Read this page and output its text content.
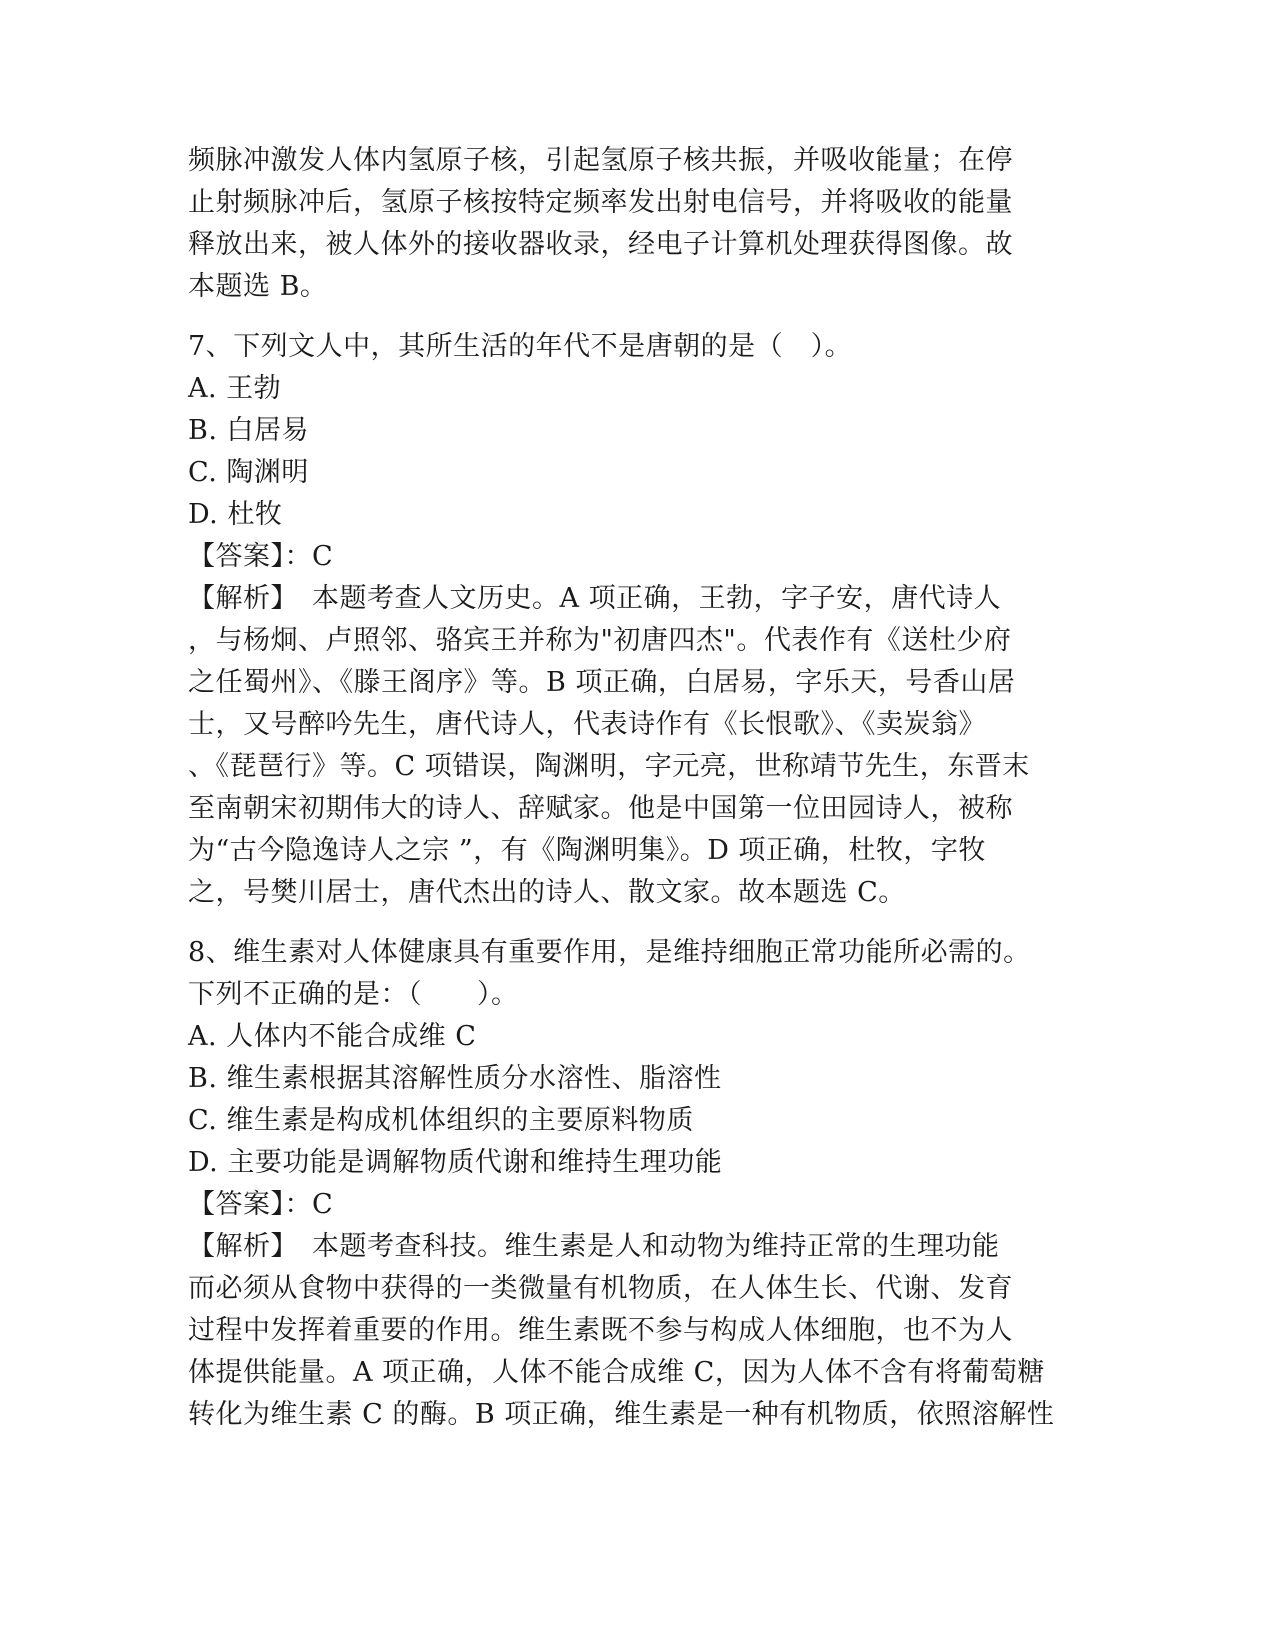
频脉冲激发人体内氢原子核，引起氢原子核共振，并吸收能量；在停
止射频脉冲后，氢原子核按特定频率发出射电信号，并将吸收的能量
释放出来，被人体外的接收器收录，经电子计算机处理获得图像。故
本题选 B。
7、下列文人中，其所生活的年代不是唐朝的是（　）。
A. 王勃
B. 白居易
C. 陶渊明
D. 杜牧
【答案】：C
【解析】　本题考查人文历史。A 项正确，王勃，字子安，唐代诗人
，与杨炯、卢照邻、骆宾王并称为"初唐四杰"。代表作有《送杜少府
之任蜀州》、《滕王阁序》等。B 项正确，白居易，字乐天，号香山居
士，又号醉吟先生，唐代诗人，代表诗作有《长恨歌》、《卖炭翁》
、《琵琶行》等。C 项错误，陶渊明，字元亮，世称靖节先生，东晋末
至南朝宋初期伟大的诗人、辞赋家。他是中国第一位田园诗人，被称
为“古今隐逸诗人之宗 ”，有《陶渊明集》。D 项正确，杜牧，字牧
之，号樊川居士，唐代杰出的诗人、散文家。故本题选 C。
8、维生素对人体健康具有重要作用，是维持细胞正常功能所必需的。
下列不正确的是：（　　）。
A. 人体内不能合成维 C
B. 维生素根据其溶解性质分水溶性、脂溶性
C. 维生素是构成机体组织的主要原料物质
D. 主要功能是调解物质代谢和维持生理功能
【答案】：C
【解析】　本题考查科技。维生素是人和动物为维持正常的生理功能
而必须从食物中获得的一类微量有机物质，在人体生长、代谢、发育
过程中发挥着重要的作用。维生素既不参与构成人体细胞，也不为人
体提供能量。A 项正确，人体不能合成维 C，因为人体不含有将葡萄糖
转化为维生素 C 的酶。B 项正确，维生素是一种有机物质，依照溶解性
